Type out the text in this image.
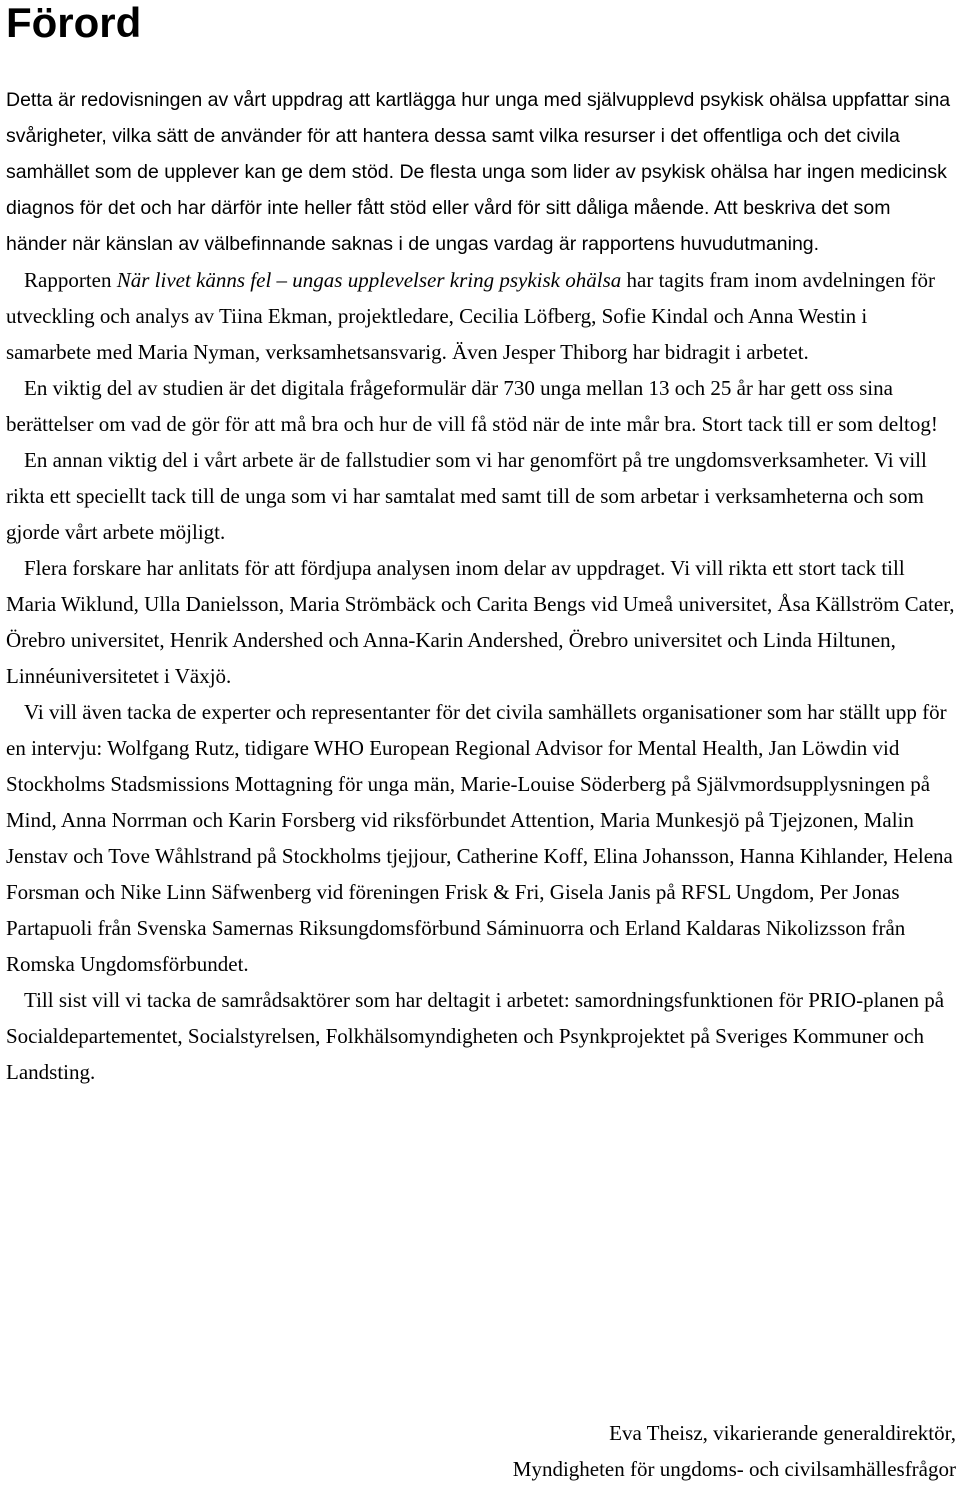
Förord

Detta är redovisningen av vårt uppdrag att kartlägga hur unga med självupplevd psykisk ohälsa uppfattar sina svårigheter, vilka sätt de använder för att hantera dessa samt vilka resurser i det offentliga och det civila samhället som de upplever kan ge dem stöd. De flesta unga som lider av psykisk ohälsa har ingen medicinsk diagnos för det och har därför inte heller fått stöd eller vård för sitt dåliga mående. Att beskriva det som händer när känslan av välbefinnande saknas i de ungas vardag är rapportens huvudutmaning.

Rapporten När livet känns fel – ungas upplevelser kring psykisk ohälsa har tagits fram inom avdelningen för utveckling och analys av Tiina Ekman, projektledare, Cecilia Löfberg, Sofie Kindal och Anna Westin i samarbete med Maria Nyman, verksamhetsansvarig. Även Jesper Thiborg har bidragit i arbetet.

En viktig del av studien är det digitala frågeformulär där 730 unga mellan 13 och 25 år har gett oss sina berättelser om vad de gör för att må bra och hur de vill få stöd när de inte mår bra. Stort tack till er som deltog!

En annan viktig del i vårt arbete är de fallstudier som vi har genomfört på tre ungdomsverksamheter. Vi vill rikta ett speciellt tack till de unga som vi har samtalat med samt till de som arbetar i verksamheterna och som gjorde vårt arbete möjligt.

Flera forskare har anlitats för att fördjupa analysen inom delar av uppdraget. Vi vill rikta ett stort tack till Maria Wiklund, Ulla Danielsson, Maria Strömbäck och Carita Bengs vid Umeå universitet, Åsa Källström Cater, Örebro universitet, Henrik Andershed och Anna-Karin Andershed, Örebro universitet och Linda Hiltunen, Linnéuniversitetet i Växjö.

Vi vill även tacka de experter och representanter för det civila samhällets organisationer som har ställt upp för en intervju: Wolfgang Rutz, tidigare WHO European Regional Advisor for Mental Health, Jan Löwdin vid Stockholms Stadsmissions Mottagning för unga män, Marie-Louise Söderberg på Självmordsupplysningen på Mind, Anna Norrman och Karin Forsberg vid riksförbundet Attention, Maria Munkesjö på Tjejzonen, Malin Jenstav och Tove Wåhlstrand på Stockholms tjejjour, Catherine Koff, Elina Johansson, Hanna Kihlander, Helena Forsman och Nike Linn Säfwenberg vid föreningen Frisk & Fri, Gisela Janis på RFSL Ungdom, Per Jonas Partapuoli från Svenska Samernas Riksungdomsförbund Sáminuorra och Erland Kaldaras Nikolizsson från Romska Ungdomsförbundet.

Till sist vill vi tacka de samrådsaktörer som har deltagit i arbetet: samordningsfunktionen för PRIO-planen på Socialdepartementet, Socialstyrelsen, Folkhälsomyndigheten och Psynkprojektet på Sveriges Kommuner och Landsting.

Eva Theisz, vikarierande generaldirektör,
Myndigheten för ungdoms- och civilsamhällesfrågor
